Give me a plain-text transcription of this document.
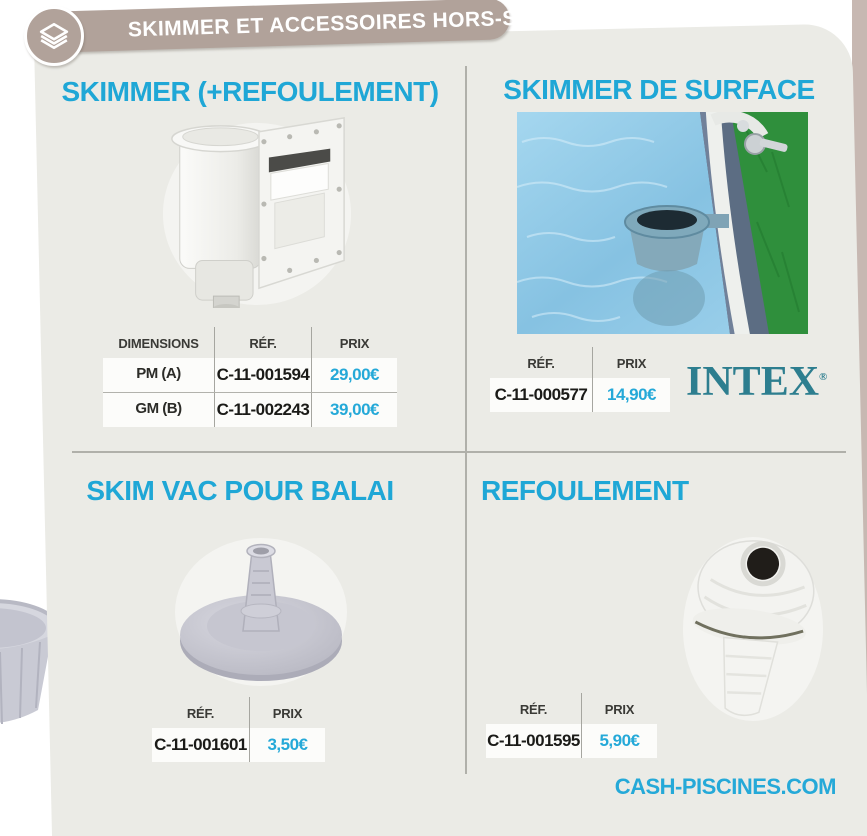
SKIMMER ET ACCESSOIRES HORS-SOL
SKIMMER (+REFOULEMENT)
DIMENSIONS	RÉF.	PRIX
PM (A)	C-11-001594	29,00€
GM (B)	C-11-002243	39,00€
SKIMMER DE SURFACE
RÉF.	PRIX
C-11-000577	14,90€ INTEX®
SKIM VAC POUR BALAI
RÉF.	PRIX
C-11-001601	3,50€
REFOULEMENT
RÉF.	PRIX
C-11-001595	5,90€
CASH-PISCINES.COM
